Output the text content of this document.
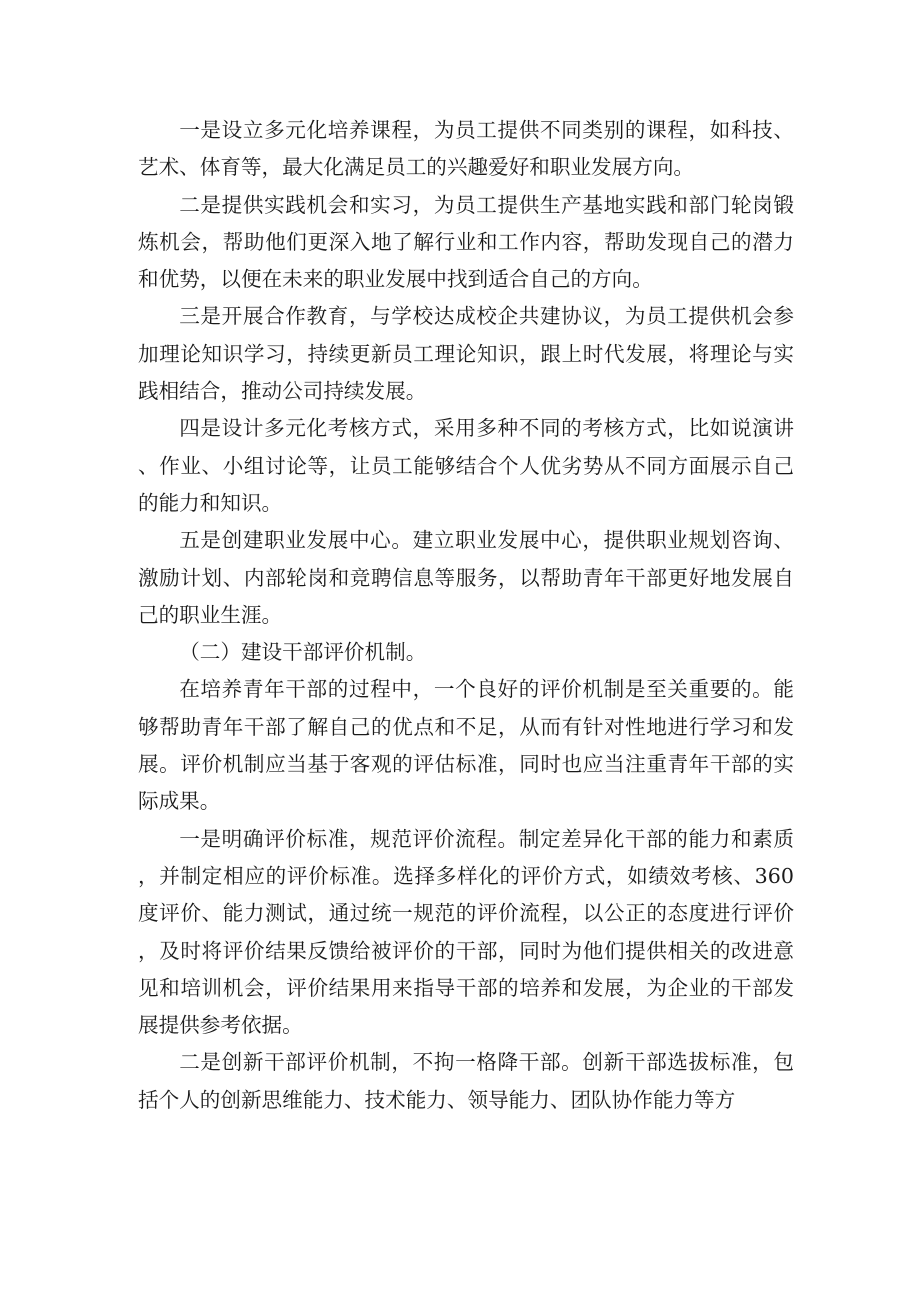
一是设立多元化培养课程，为员工提供不同类别的课程，如科技、艺术、体育等，最大化满足员工的兴趣爱好和职业发展方向。

二是提供实践机会和实习，为员工提供生产基地实践和部门轮岗锻炼机会，帮助他们更深入地了解行业和工作内容，帮助发现自己的潜力和优势，以便在未来的职业发展中找到适合自己的方向。

三是开展合作教育，与学校达成校企共建协议，为员工提供机会参加理论知识学习，持续更新员工理论知识，跟上时代发展，将理论与实践相结合，推动公司持续发展。

四是设计多元化考核方式，采用多种不同的考核方式，比如说演讲、作业、小组讨论等，让员工能够结合个人优劣势从不同方面展示自己的能力和知识。

五是创建职业发展中心。建立职业发展中心，提供职业规划咨询、激励计划、内部轮岗和竞聘信息等服务，以帮助青年干部更好地发展自己的职业生涯。

（二）建设干部评价机制。

在培养青年干部的过程中，一个良好的评价机制是至关重要的。能够帮助青年干部了解自己的优点和不足，从而有针对性地进行学习和发展。评价机制应当基于客观的评估标准，同时也应当注重青年干部的实际成果。

一是明确评价标准，规范评价流程。制定差异化干部的能力和素质，并制定相应的评价标准。选择多样化的评价方式，如绩效考核、360度评价、能力测试，通过统一规范的评价流程，以公正的态度进行评价，及时将评价结果反馈给被评价的干部，同时为他们提供相关的改进意见和培训机会，评价结果用来指导干部的培养和发展，为企业的干部发展提供参考依据。

二是创新干部评价机制，不拘一格降干部。创新干部选拔标准，包括个人的创新思维能力、技术能力、领导能力、团队协作能力等方
